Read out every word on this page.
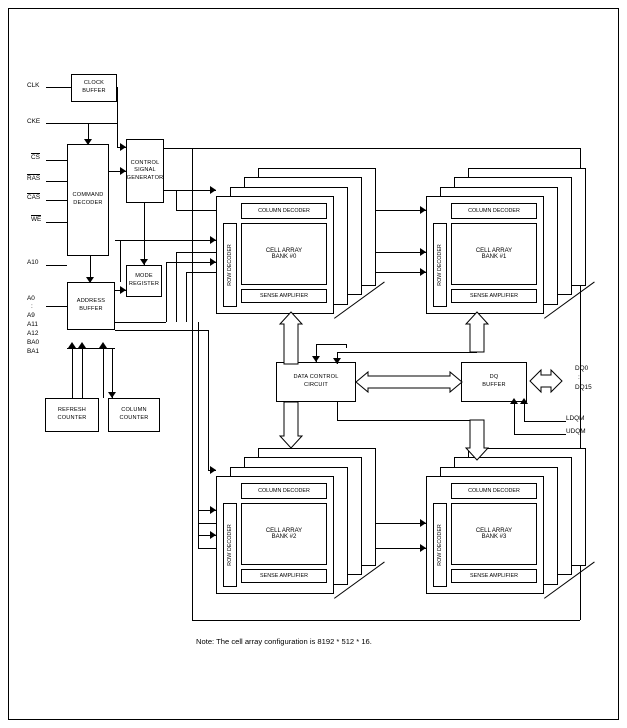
CLK
CKE
CS
RAS
CAS
WE
A10
A0
:
A9
A11
A12
BA0
BA1
CLOCK
BUFFER
COMMAND
DECODER
CONTROL
SIGNAL
GENERATOR
MODE
REGISTER
ADDRESS
BUFFER
REFRESH
COUNTER
COLUMN
COUNTER
DATA CONTROL
CIRCUIT
DQ
BUFFER
COLUMN DECODER
ROW DECODER	CELL ARRAY
BANK #0
SENSE AMPLIFIER
COLUMN DECODER
ROW DECODER	CELL ARRAY
BANK #1
SENSE AMPLIFIER
COLUMN DECODER
ROW DECODER	CELL ARRAY
BANK #2
SENSE AMPLIFIER
COLUMN DECODER
ROW DECODER	CELL ARRAY
BANK #3
SENSE AMPLIFIER
DQ0
:
DQ15
LDQM
UDQM
Note: The cell array configuration is 8192 * 512 * 16.
